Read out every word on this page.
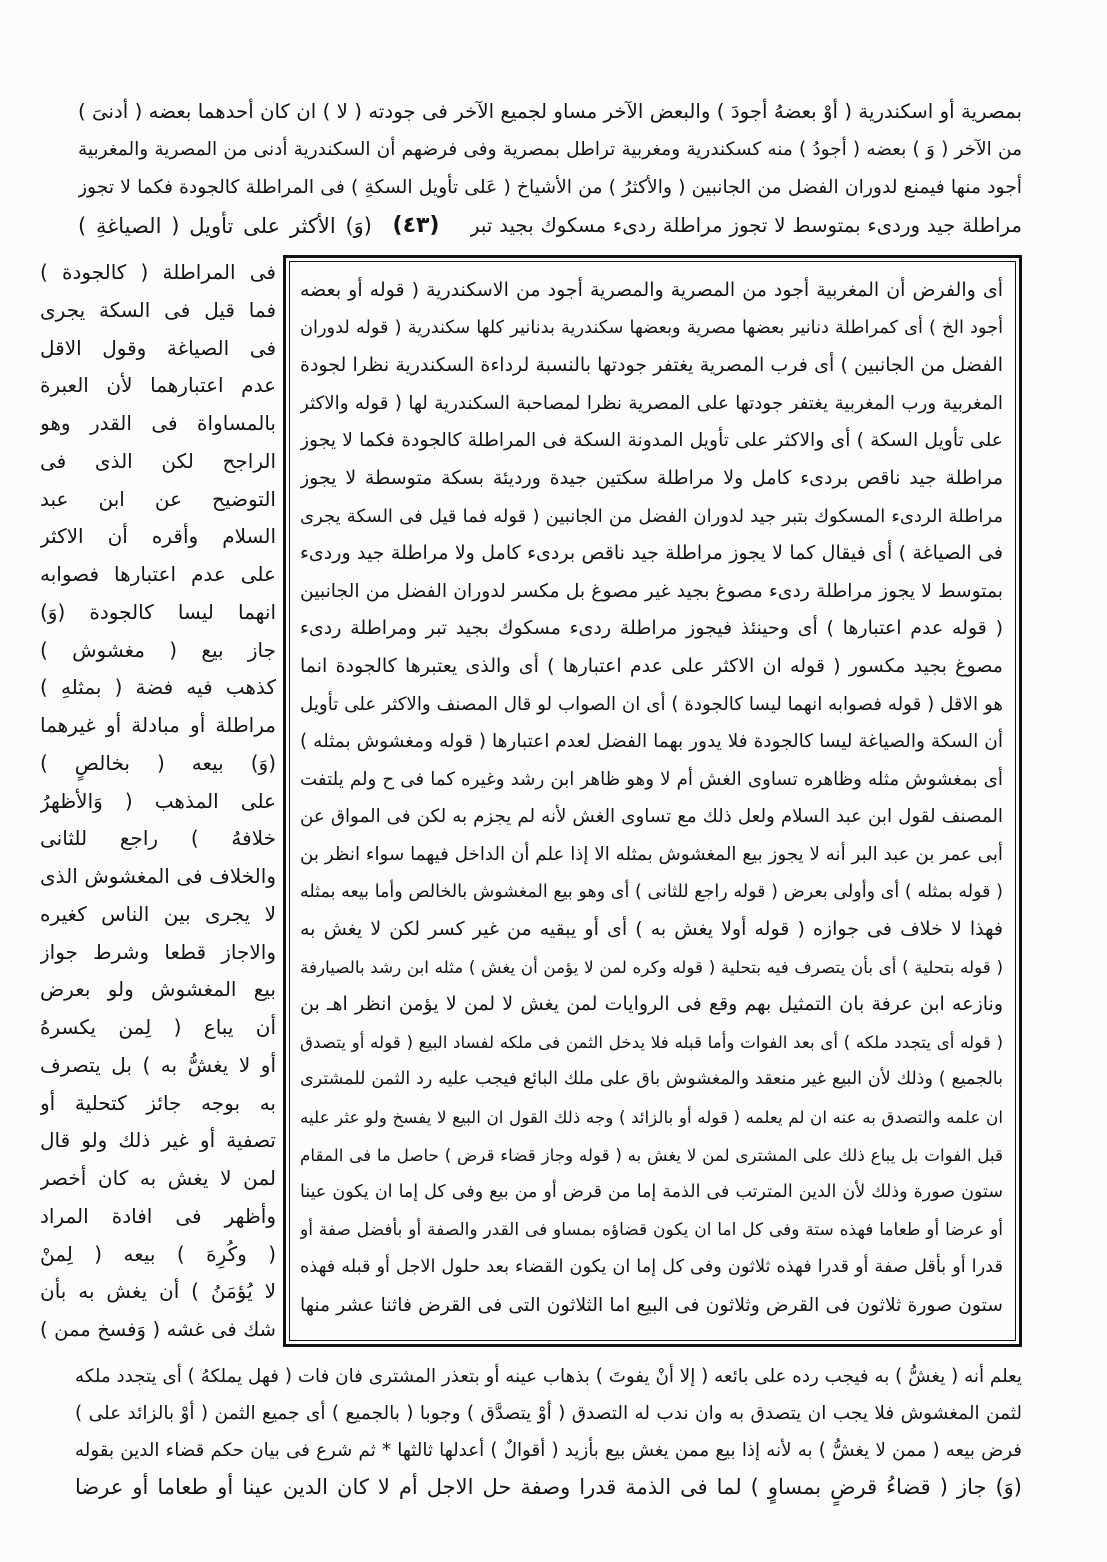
بمصرية أو اسكندرية ( أوْ بعضهُ أجودَ ) والبعض الآخر مساو لجميع الآخر فى جودته ( لا ) ان كان أحدهما بعضه ( أدنىَ )
من الآخر ( وَ ) بعضه ( أجودُ ) منه كسكندرية ومغربية تراطل بمصرية وفى فرضهم أن السكندرية أدنى من المصرية والمغربية
أجود منها فيمنع لدوران الفضل من الجانبين ( والأكثرُ ) من الأشياخ ( عَلى تأويل السكةِ ) فى المراطلة كالجودة فكما لا تجوز
مراطلة جيد وردىء بمتوسط لا تجوز مراطلة ردىء مسكوك بجيد تبر
(٤٣)
(وَ) الأكثر على تأويل ( الصياغةِ )
أى والفرض أن المغربية أجود من المصرية والمصرية أجود من الاسكندرية ( قوله أو بعضه
أجود الخ ) أى كمراطلة دنانير بعضها مصرية وبعضها سكندرية بدنانير كلها سكندرية ( قوله لدوران
الفضل من الجانبين ) أى فرب المصرية يغتفر جودتها بالنسبة لرداءة السكندرية نظرا لجودة
المغربية ورب المغربية يغتفر جودتها على المصرية نظرا لمصاحبة السكندرية لها ( قوله والاكثر
على تأويل السكة ) أى والاكثر على تأويل المدونة السكة فى المراطلة كالجودة فكما لا يجوز
مراطلة جيد ناقص بردىء كامل ولا مراطلة سكتين جيدة ورديئة بسكة متوسطة لا يجوز
مراطلة الردىء المسكوك بتبر جيد لدوران الفضل من الجانبين ( قوله فما قيل فى السكة يجرى
فى الصياغة ) أى فيقال كما لا يجوز مراطلة جيد ناقص بردىء كامل ولا مراطلة جيد وردىء
بمتوسط لا يجوز مراطلة ردىء مصوغ بجيد غير مصوغ بل مكسر لدوران الفضل من الجانبين
( قوله عدم اعتبارها ) أى وحينئذ فيجوز مراطلة ردىء مسكوك بجيد تبر ومراطلة ردىء
مصوغ بجيد مكسور ( قوله ان الاكثر على عدم اعتبارها ) أى والذى يعتبرها كالجودة انما
هو الاقل ( قوله فصوابه انهما ليسا كالجودة ) أى ان الصواب لو قال المصنف والاكثر على تأويل
أن السكة والصياغة ليسا كالجودة فلا يدور بهما الفضل لعدم اعتبارها ( قوله ومغشوش بمثله )
أى بمغشوش مثله وظاهره تساوى الغش أم لا وهو ظاهر ابن رشد وغيره كما فى ح ولم يلتفت
المصنف لقول ابن عبد السلام ولعل ذلك مع تساوى الغش لأنه لم يجزم به لكن فى المواق عن
أبى عمر بن عبد البر أنه لا يجوز بيع المغشوش بمثله الا إذا علم أن الداخل فيهما سواء انظر بن
( قوله بمثله ) أى وأولى بعرض ( قوله راجع للثانى ) أى وهو بيع المغشوش بالخالص وأما بيعه بمثله
فهذا لا خلاف فى جوازه ( قوله أولا يغش به ) أى أو يبقيه من غير كسر لكن لا يغش به
( قوله بتحلية ) أى بأن يتصرف فيه بتحلية ( قوله وكره لمن لا يؤمن أن يغش ) مثله ابن رشد بالصيارفة
ونازعه ابن عرفة بان التمثيل بهم وقع فى الروايات لمن يغش لا لمن لا يؤمن انظر اهـ بن
( قوله أى يتجدد ملكه ) أى بعد الفوات وأما قبله فلا يدخل الثمن فى ملكه لفساد البيع ( قوله أو يتصدق
بالجميع ) وذلك لأن البيع غير منعقد والمغشوش باق على ملك البائع فيجب عليه رد الثمن للمشترى
ان علمه والتصدق به عنه ان لم يعلمه ( قوله أو بالزائد ) وجه ذلك القول ان البيع لا يفسخ ولو عثر عليه
قبل الفوات بل يباع ذلك على المشترى لمن لا يغش به ( قوله وجاز قضاء قرض ) حاصل ما فى المقام
ستون صورة وذلك لأن الدين المترتب فى الذمة إما من قرض أو من بيع وفى كل إما ان يكون عينا
أو عرضا أو طعاما فهذه ستة وفى كل اما ان يكون قضاؤه بمساو فى القدر والصفة أو بأفضل صفة أو
قدرا أو بأقل صفة أو قدرا فهذه ثلاثون وفى كل إما ان يكون القضاء بعد حلول الاجل أو قبله فهذه
ستون صورة ثلاثون فى القرض وثلاثون فى البيع اما الثلاثون التى فى القرض فاثنا عشر منها
فى المراطلة ( كالجودة )
فما قيل فى السكة يجرى
فى الصياغة وقول الاقل
عدم اعتبارهما لأن العبرة
بالمساواة فى القدر وهو
الراجح لكن الذى فى
التوضيح عن ابن عبد
السلام وأقره أن الاكثر
على عدم اعتبارها فصوابه
انهما ليسا كالجودة (وَ)
جاز بيع ( مغشوش )
كذهب فيه فضة ( بمثلهِ )
مراطلة أو مبادلة أو غيرهما
(وَ) بيعه ( بخالصٍ )
على المذهب ( وَالأظهرُ
خلافهُ ) راجع للثانى
والخلاف فى المغشوش الذى
لا يجرى بين الناس كغيره
والاجاز قطعا وشرط جواز
بيع المغشوش ولو بعرض
أن يباع ( لِمن يكسرهُ
أو لا يغشُّ به ) بل يتصرف
به بوجه جائز كتحلية أو
تصفية أو غير ذلك ولو قال
لمن لا يغش به كان أخصر
وأظهر فى افادة المراد
( وكُرِهَ ) بيعه ( لِمنْ
لا يُؤمَنُ ) أن يغش به بأن
شك فى غشه ( وَفسخ ممن )
يعلم أنه ( يغشُّ ) به فيجب رده على بائعه ( إلا أنْ يفوتَ ) بذهاب عينه أو بتعذر المشترى فان فات ( فهل يملكهُ ) أى يتجدد ملكه
لثمن المغشوش فلا يجب ان يتصدق به وان ندب له التصدق ( أوْ يتصدَّق ) وجوبا ( بالجميع ) أى جميع الثمن ( أوْ بالزائد على )
فرض بيعه ( ممن لا يغشُّ ) به لأنه إذا بيع ممن يغش بيع بأزيد ( أقوالٌ ) أعدلها ثالثها * ثم شرع فى بيان حكم قضاء الدين بقوله
(وَ) جاز ( قضاءُ قرضٍ بمساوٍ ) لما فى الذمة قدرا وصفة حل الاجل أم لا كان الدين عينا أو طعاما أو عرضا
